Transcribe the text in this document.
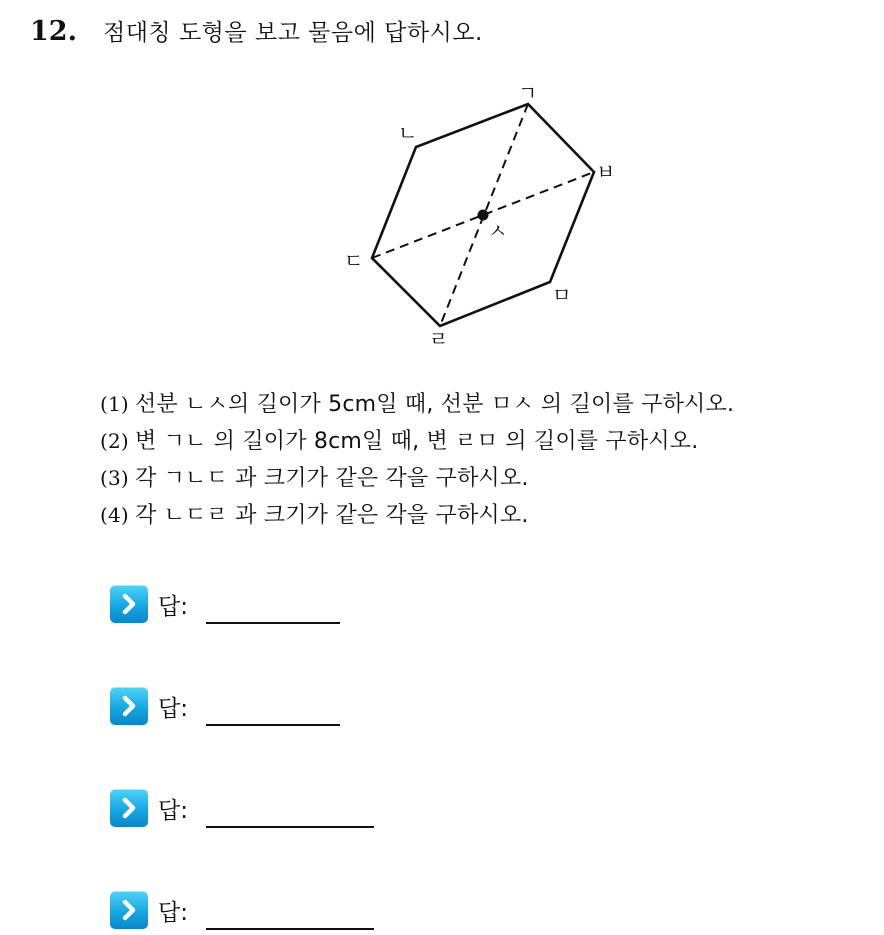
12. 점대칭 도형을 보고 물음에 답하시오.
ㄱ
ㄴ
ㅂ
ㅅ
ㄷ
ㅁ
ㄹ
(1) 선분 ㄴㅅ의 길이가 5cm일 때, 선분 ㅁㅅ 의 길이를 구하시오.
(2) 변 ㄱㄴ 의 길이가 8cm일 때, 변 ㄹㅁ 의 길이를 구하시오.
(3) 각 ㄱㄴㄷ 과 크기가 같은 각을 구하시오.
(4) 각 ㄴㄷㄹ 과 크기가 같은 각을 구하시오.
답:
답:
답:
답:
